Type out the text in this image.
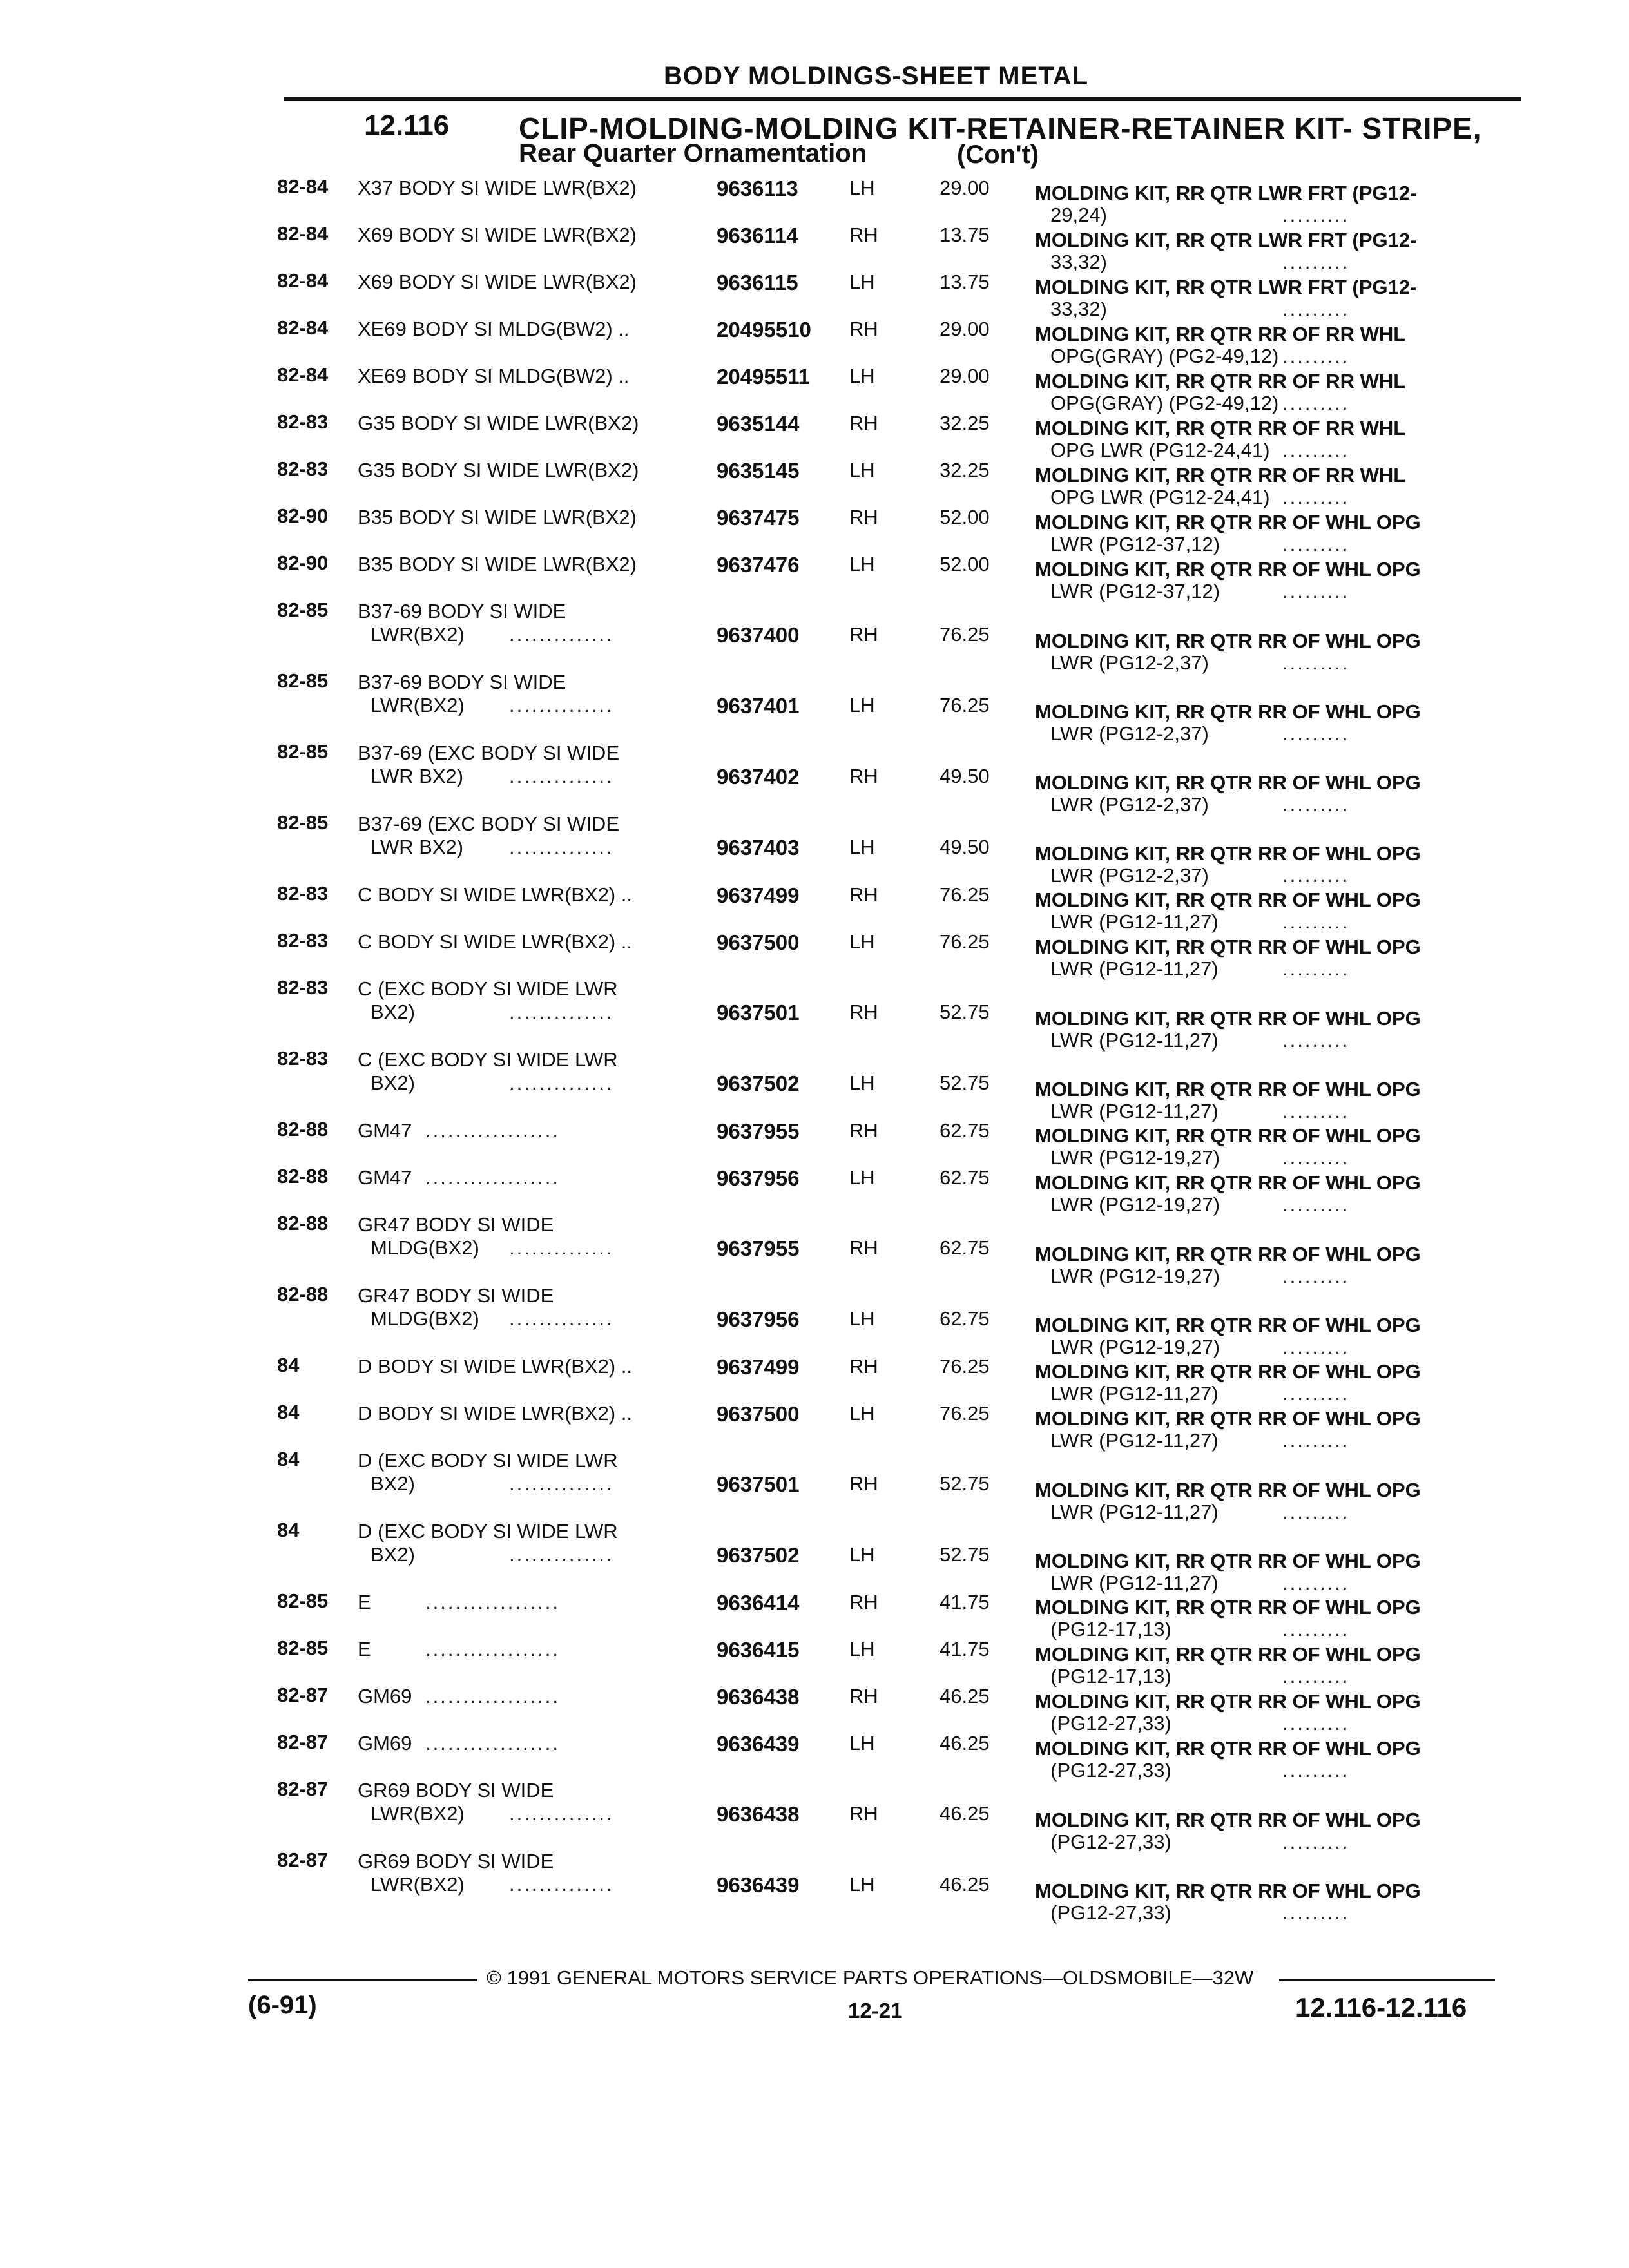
BODY MOLDINGS-SHEET METAL
12.116 CLIP-MOLDING-MOLDING KIT-RETAINER-RETAINER KIT- STRIPE,
Rear Quarter Ornamentation	(Con't)
82-84 X37 BODY SI WIDE LWR(BX2)	9636113	LH	29.00 MOLDING KIT, RR QTR LWR FRT (PG12-
29,24)	.........
82-84 X69 BODY SI WIDE LWR(BX2)	9636114	RH	13.75 MOLDING KIT, RR QTR LWR FRT (PG12-
33,32)	.........
82-84 X69 BODY SI WIDE LWR(BX2)	9636115	LH	13.75 MOLDING KIT, RR QTR LWR FRT (PG12-
33,32)	.........
82-84 XE69 BODY SI MLDG(BW2) ..	20495510 RH	29.00 MOLDING KIT, RR QTR RR OF RR WHL
OPG(GRAY) (PG2-49,12) .........
82-84 XE69 BODY SI MLDG(BW2) ..	20495511 LH	29.00 MOLDING KIT, RR QTR RR OF RR WHL
OPG(GRAY) (PG2-49,12) .........
82-83 G35 BODY SI WIDE LWR(BX2)	9635144	RH	32.25 MOLDING KIT, RR QTR RR OF RR WHL
OPG LWR (PG12-24,41) .........
82-83 G35 BODY SI WIDE LWR(BX2)	9635145	LH	32.25 MOLDING KIT, RR QTR RR OF RR WHL
OPG LWR (PG12-24,41) .........
82-90 B35 BODY SI WIDE LWR(BX2)	9637475	RH	52.00 MOLDING KIT, RR QTR RR OF WHL OPG
LWR (PG12-37,12)	.........
82-90 B35 BODY SI WIDE LWR(BX2)	9637476	LH	52.00 MOLDING KIT, RR QTR RR OF WHL OPG
LWR (PG12-37,12)	.........
82-85 B37-69 BODY SI WIDE
LWR(BX2)	9637400	RH	76.25 MOLDING KIT, RR QTR RR OF WHL OPG
LWR (PG12-2,37)
..............
.........
82-85 B37-69 BODY SI WIDE
LWR(BX2)	9637401	LH	76.25 MOLDING KIT, RR QTR RR OF WHL OPG
LWR (PG12-2,37)
..............
.........
82-85 B37-69 (EXC BODY SI WIDE
LWR BX2)	9637402	RH	49.50 MOLDING KIT, RR QTR RR OF WHL OPG
LWR (PG12-2,37)
..............
.........
82-85 B37-69 (EXC BODY SI WIDE
LWR BX2)	9637403	LH	49.50 MOLDING KIT, RR QTR RR OF WHL OPG
LWR (PG12-2,37)
..............
.........
82-83 C BODY SI WIDE LWR(BX2) ..	9637499	RH	76.25 MOLDING KIT, RR QTR RR OF WHL OPG
LWR (PG12-11,27)	.........
82-83 C BODY SI WIDE LWR(BX2) ..	9637500	LH	76.25 MOLDING KIT, RR QTR RR OF WHL OPG
LWR (PG12-11,27)	.........
82-83 C (EXC BODY SI WIDE LWR
BX2)	9637501	RH	52.75 MOLDING KIT, RR QTR RR OF WHL OPG
LWR (PG12-11,27)
..............
.........
82-83 C (EXC BODY SI WIDE LWR
BX2)	9637502	LH	52.75 MOLDING KIT, RR QTR RR OF WHL OPG
LWR (PG12-11,27)
..............
.........
82-88 GM47	9637955	RH	62.75 MOLDING KIT, RR QTR RR OF WHL OPG
LWR (PG12-19,27)
..................
.........
82-88 GM47	9637956	LH	62.75 MOLDING KIT, RR QTR RR OF WHL OPG
LWR (PG12-19,27)
..................
.........
82-88 GR47 BODY SI WIDE
MLDG(BX2)	9637955	RH	62.75 MOLDING KIT, RR QTR RR OF WHL OPG
LWR (PG12-19,27)
..............
.........
82-88 GR47 BODY SI WIDE
MLDG(BX2)	9637956	LH	62.75 MOLDING KIT, RR QTR RR OF WHL OPG
LWR (PG12-19,27)
..............
.........
84	D BODY SI WIDE LWR(BX2) ..	9637499	RH	76.25 MOLDING KIT, RR QTR RR OF WHL OPG
LWR (PG12-11,27)	.........
84	D BODY SI WIDE LWR(BX2) ..	9637500	LH	76.25 MOLDING KIT, RR QTR RR OF WHL OPG
LWR (PG12-11,27)	.........
84	D (EXC BODY SI WIDE LWR
BX2)	9637501	RH	52.75 MOLDING KIT, RR QTR RR OF WHL OPG
LWR (PG12-11,27)
..............
.........
84	D (EXC BODY SI WIDE LWR
BX2)	9637502	LH	52.75 MOLDING KIT, RR QTR RR OF WHL OPG
LWR (PG12-11,27)
..............
.........
82-85 E	9636414	RH	41.75 MOLDING KIT, RR QTR RR OF WHL OPG
(PG12-17,13)
..................
.........
82-85 E	9636415	LH	41.75 MOLDING KIT, RR QTR RR OF WHL OPG
(PG12-17,13)
..................
.........
82-87 GM69	9636438	RH	46.25 MOLDING KIT, RR QTR RR OF WHL OPG
(PG12-27,33)
..................
.........
82-87 GM69	9636439	LH	46.25 MOLDING KIT, RR QTR RR OF WHL OPG
(PG12-27,33)
..................
.........
82-87 GR69 BODY SI WIDE
LWR(BX2)	9636438	RH	46.25 MOLDING KIT, RR QTR RR OF WHL OPG
(PG12-27,33)
..............
.........
82-87 GR69 BODY SI WIDE
LWR(BX2)	9636439	LH	46.25 MOLDING KIT, RR QTR RR OF WHL OPG
(PG12-27,33)
..............
.........
© 1991 GENERAL MOTORS SERVICE PARTS OPERATIONS—OLDSMOBILE—32W
(6-91)	12-21	12.116-12.116
